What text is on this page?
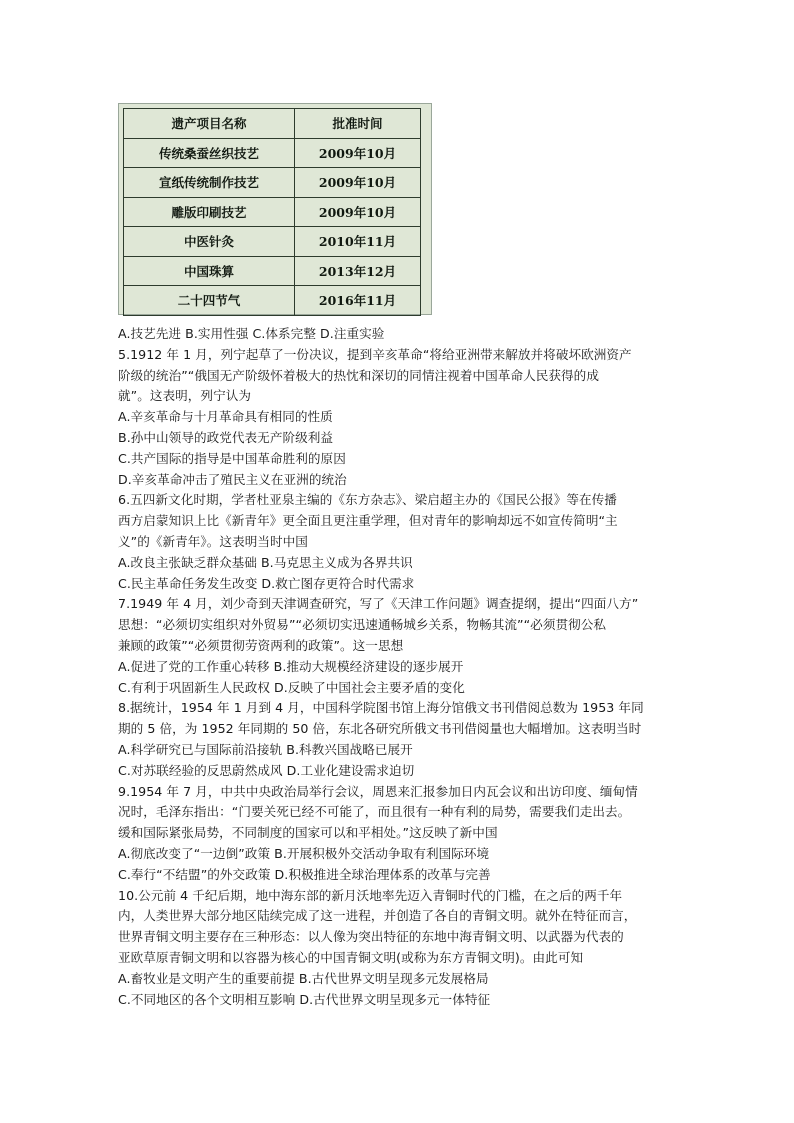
遗产项目名称	批准时间
传统桑蚕丝织技艺	2009年10月
宣纸传统制作技艺	2009年10月
雕版印刷技艺	2009年10月
中医针灸	2010年11月
中国珠算	2013年12月
二十四节气	2016年11月
A.技艺先进 B.实用性强 C.体系完整 D.注重实验
5.1912 年 1 月，列宁起草了一份决议，提到辛亥革命“将给亚洲带来解放并将破坏欧洲资产
阶级的统治”“俄国无产阶级怀着极大的热忱和深切的同情注视着中国革命人民获得的成
就”。这表明，列宁认为
A.辛亥革命与十月革命具有相同的性质
B.孙中山领导的政党代表无产阶级利益
C.共产国际的指导是中国革命胜利的原因
D.辛亥革命冲击了殖民主义在亚洲的统治
6.五四新文化时期，学者杜亚泉主编的《东方杂志》、梁启超主办的《国民公报》等在传播
西方启蒙知识上比《新青年》更全面且更注重学理，但对青年的影响却远不如宣传简明“主
义”的《新青年》。这表明当时中国
A.改良主张缺乏群众基础 B.马克思主义成为各界共识
C.民主革命任务发生改变 D.救亡图存更符合时代需求
7.1949 年 4 月，刘少奇到天津调查研究，写了《天津工作问题》调查提纲，提出“四面八方”
思想：“必须切实组织对外贸易”“必须切实迅速通畅城乡关系，物畅其流”“必须贯彻公私
兼顾的政策”“必须贯彻劳资两利的政策”。这一思想
A.促进了党的工作重心转移 B.推动大规模经济建设的逐步展开
C.有利于巩固新生人民政权 D.反映了中国社会主要矛盾的变化
8.据统计，1954 年 1 月到 4 月，中国科学院图书馆上海分馆俄文书刊借阅总数为 1953 年同
期的 5 倍，为 1952 年同期的 50 倍，东北各研究所俄文书刊借阅量也大幅增加。这表明当时
A.科学研究已与国际前沿接轨 B.科教兴国战略已展开
C.对苏联经验的反思蔚然成风 D.工业化建设需求迫切
9.1954 年 7 月，中共中央政治局举行会议，周恩来汇报参加日内瓦会议和出访印度、缅甸情
况时，毛泽东指出：“门要关死已经不可能了，而且很有一种有利的局势，需要我们走出去。
缓和国际紧张局势，不同制度的国家可以和平相处。”这反映了新中国
A.彻底改变了“一边倒”政策 B.开展积极外交活动争取有利国际环境
C.奉行“不结盟”的外交政策 D.积极推进全球治理体系的改革与完善
10.公元前 4 千纪后期，地中海东部的新月沃地率先迈入青铜时代的门槛，在之后的两千年
内，人类世界大部分地区陆续完成了这一进程，并创造了各自的青铜文明。就外在特征而言，
世界青铜文明主要存在三种形态：以人像为突出特征的东地中海青铜文明、以武器为代表的
亚欧草原青铜文明和以容器为核心的中国青铜文明(或称为东方青铜文明)。由此可知
A.畜牧业是文明产生的重要前提 B.古代世界文明呈现多元发展格局
C.不同地区的各个文明相互影响 D.古代世界文明呈现多元一体特征
